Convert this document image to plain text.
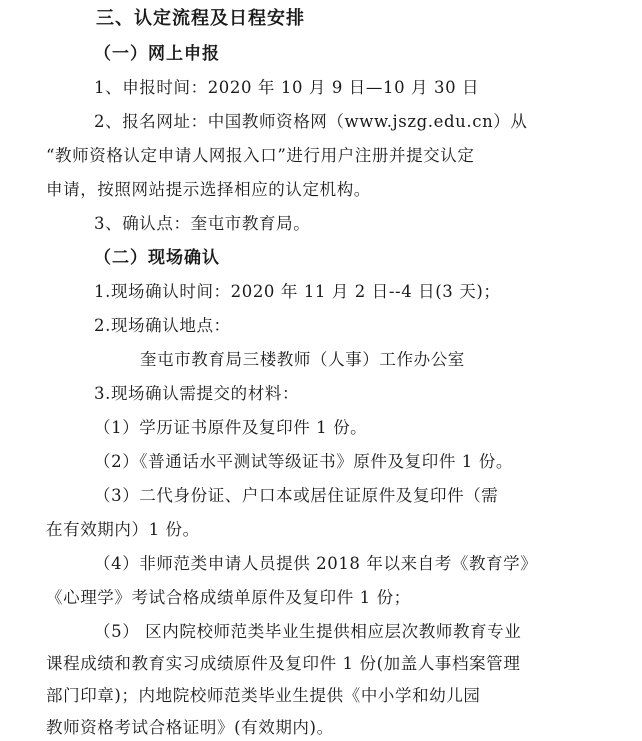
三、认定流程及日程安排
（一）网上申报
1、申报时间：2020 年 10 月 9 日—10 月 30 日
2、报名网址：中国教师资格网（www.jszg.edu.cn）从
“教师资格认定申请人网报入口”进行用户注册并提交认定
申请，按照网站提示选择相应的认定机构。
3、确认点：奎屯市教育局。
（二）现场确认
1.现场确认时间：2020 年 11 月 2 日--4 日(3 天)；
2.现场确认地点：
奎屯市教育局三楼教师（人事）工作办公室
3.现场确认需提交的材料：
（1）学历证书原件及复印件 1 份。
（2）《普通话水平测试等级证书》原件及复印件 1 份。
（3）二代身份证、户口本或居住证原件及复印件（需
在有效期内）1 份。
（4）非师范类申请人员提供 2018 年以来自考《教育学》
《心理学》考试合格成绩单原件及复印件 1 份；
（5） 区内院校师范类毕业生提供相应层次教师教育专业
课程成绩和教育实习成绩原件及复印件 1 份(加盖人事档案管理
部门印章)；内地院校师范类毕业生提供《中小学和幼儿园
教师资格考试合格证明》(有效期内)。
